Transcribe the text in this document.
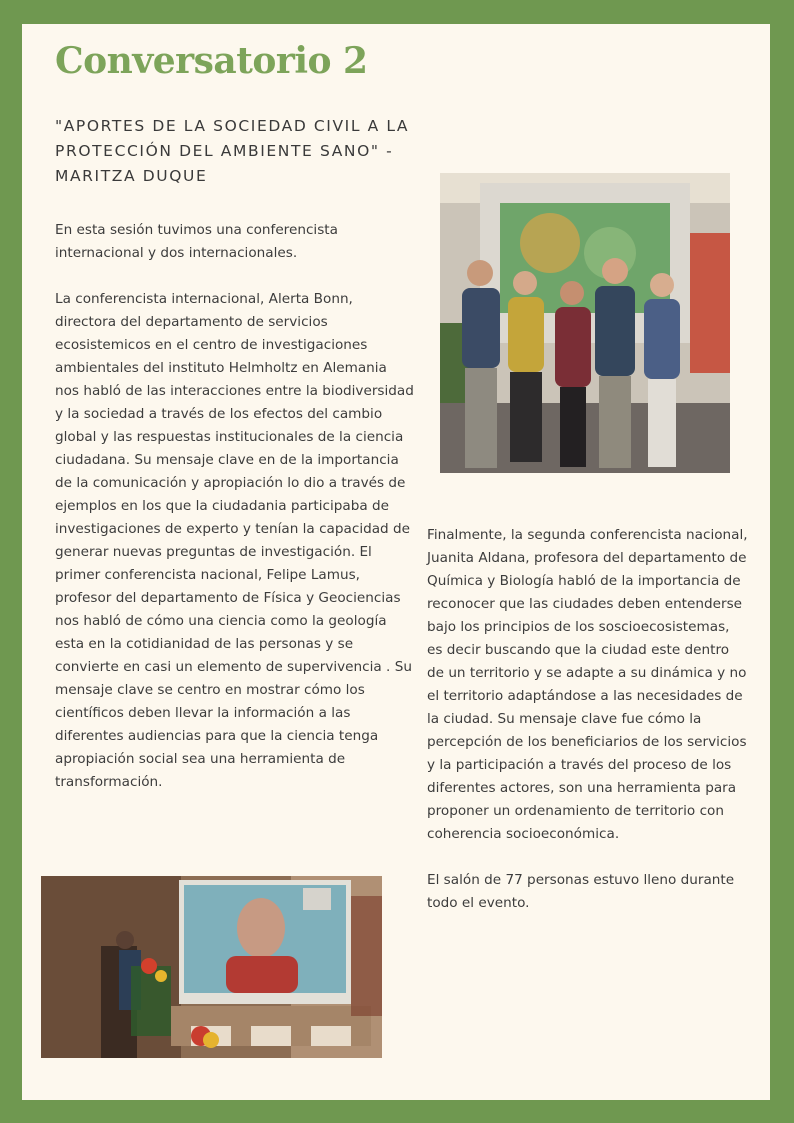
Conversatorio 2

"APORTES DE LA SOCIEDAD CIVIL A LA PROTECCIÓN DEL AMBIENTE SANO" -MARITZA DUQUE

En esta sesión tuvimos una conferencista internacional y dos internacionales.

La conferencista internacional, Alerta Bonn, directora del departamento de servicios ecosistemicos en el centro de investigaciones ambientales del instituto Helmholtz en Alemania nos habló de las interacciones entre la biodiversidad y la sociedad a través de los efectos del cambio global y las respuestas institucionales de la ciencia ciudadana. Su mensaje clave en de la importancia de la comunicación y apropiación lo dio a través de ejemplos en los que la ciudadania participaba de investigaciones de experto y tenían la capacidad de generar nuevas preguntas de investigación. El primer conferencista nacional, Felipe Lamus, profesor del departamento de Física y Geociencias nos habló de cómo una ciencia como la geología esta en la cotidianidad de las personas y se convierte en casi un elemento de supervivencia . Su mensaje clave se centro en mostrar cómo los científicos deben llevar la información a las diferentes audiencias para que la ciencia tenga apropiación social sea una herramienta de transformación.

Finalmente, la segunda conferencista nacional, Juanita Aldana, profesora del departamento de Química y Biología habló de la importancia de reconocer que las ciudades deben entenderse bajo los principios de los soscioecosistemas, es decir buscando que la ciudad este dentro de un territorio y se adapte a su dinámica y no el territorio adaptándose a las necesidades de la ciudad. Su mensaje clave fue cómo la percepción de los beneficiarios de los servicios y la participación a través del proceso de los diferentes actores, son una herramienta para proponer un ordenamiento de territorio con coherencia socioeconómica.

El salón de 77 personas estuvo lleno durante todo el evento.
